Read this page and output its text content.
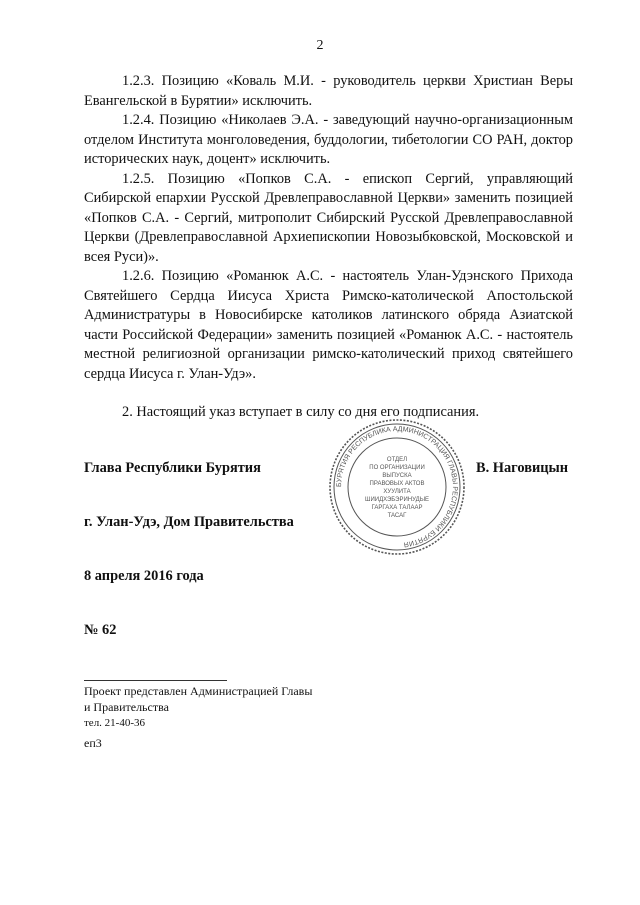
2

1.2.3. Позицию «Коваль М.И. - руководитель церкви Христиан Веры Евангельской в Бурятии» исключить.

1.2.4. Позицию «Николаев Э.А. - заведующий научно-организационным отделом Института монголоведения, буддологии, тибетологии СО РАН, доктор исторических наук, доцент» исключить.

1.2.5. Позицию «Попков С.А. - епископ Сергий, управляющий Сибирской епархии Русской Древлеправославной Церкви» заменить позицией «Попков С.А. - Сергий, митрополит Сибирский Русской Древлеправославной Церкви (Древлеправославной Архиепископии Новозыбковской, Московской и всея Руси)».

1.2.6. Позицию «Романюк А.С. - настоятель Улан-Удэнского Прихода Святейшего Сердца Иисуса Христа Римско-католической Апостольской Администратуры в Новосибирске католиков латинского обряда Азиатской части Российской Федерации» заменить позицией «Романюк А.С. - настоятель местной религиозной организации римско-католический приход святейшего сердца Иисуса г. Улан-Удэ».

2. Настоящий указ вступает в силу со дня его подписания.

Глава Республики Бурятия	В. Наговицын
г. Улан-Удэ, Дом Правительства
8 апреля 2016 года
№ 62
БУРЯТИЯ РЕСПУБЛИКА АДМИНИСТРАЦИЯ ГЛАВЫ РЕСПУБЛИКИ БУРЯТИЯ
ОТДЕЛ
ПО ОРГАНИЗАЦИИ
ВЫПУСКА
ПРАВОВЫХ АКТОВ
ХУУЛИТА
ШИИДХЭБЭРИНУДЫЕ
ГАРГАХА ТАЛААР
ТАСАГ
Проект представлен Администрацией Главы
и Правительства
тел. 21-40-36
еп3
